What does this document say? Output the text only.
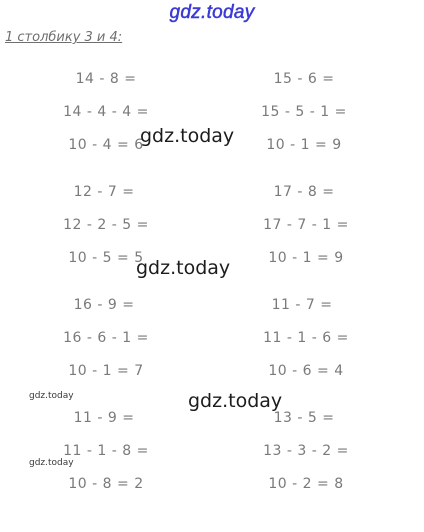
gdz.today
1 столбику 3 и 4:
14 - 8 =
14 - 4 - 4 =
10 - 4 = 6
15 - 6 =
15 - 5 - 1 =
10 - 1 = 9
12 - 7 =
12 - 2 - 5 =
10 - 5 = 5
17 - 8 =
17 - 7 - 1 =
10 - 1 = 9
16 - 9 =
16 - 6 - 1 =
10 - 1 = 7
11 - 7 =
11 - 1 - 6 =
10 - 6 = 4
11 - 9 =
11 - 1 - 8 =
10 - 8 = 2
13 - 5 =
13 - 3 - 2 =
10 - 2 = 8
gdz.today
gdz.today
gdz.today
gdz.today
gdz.today
